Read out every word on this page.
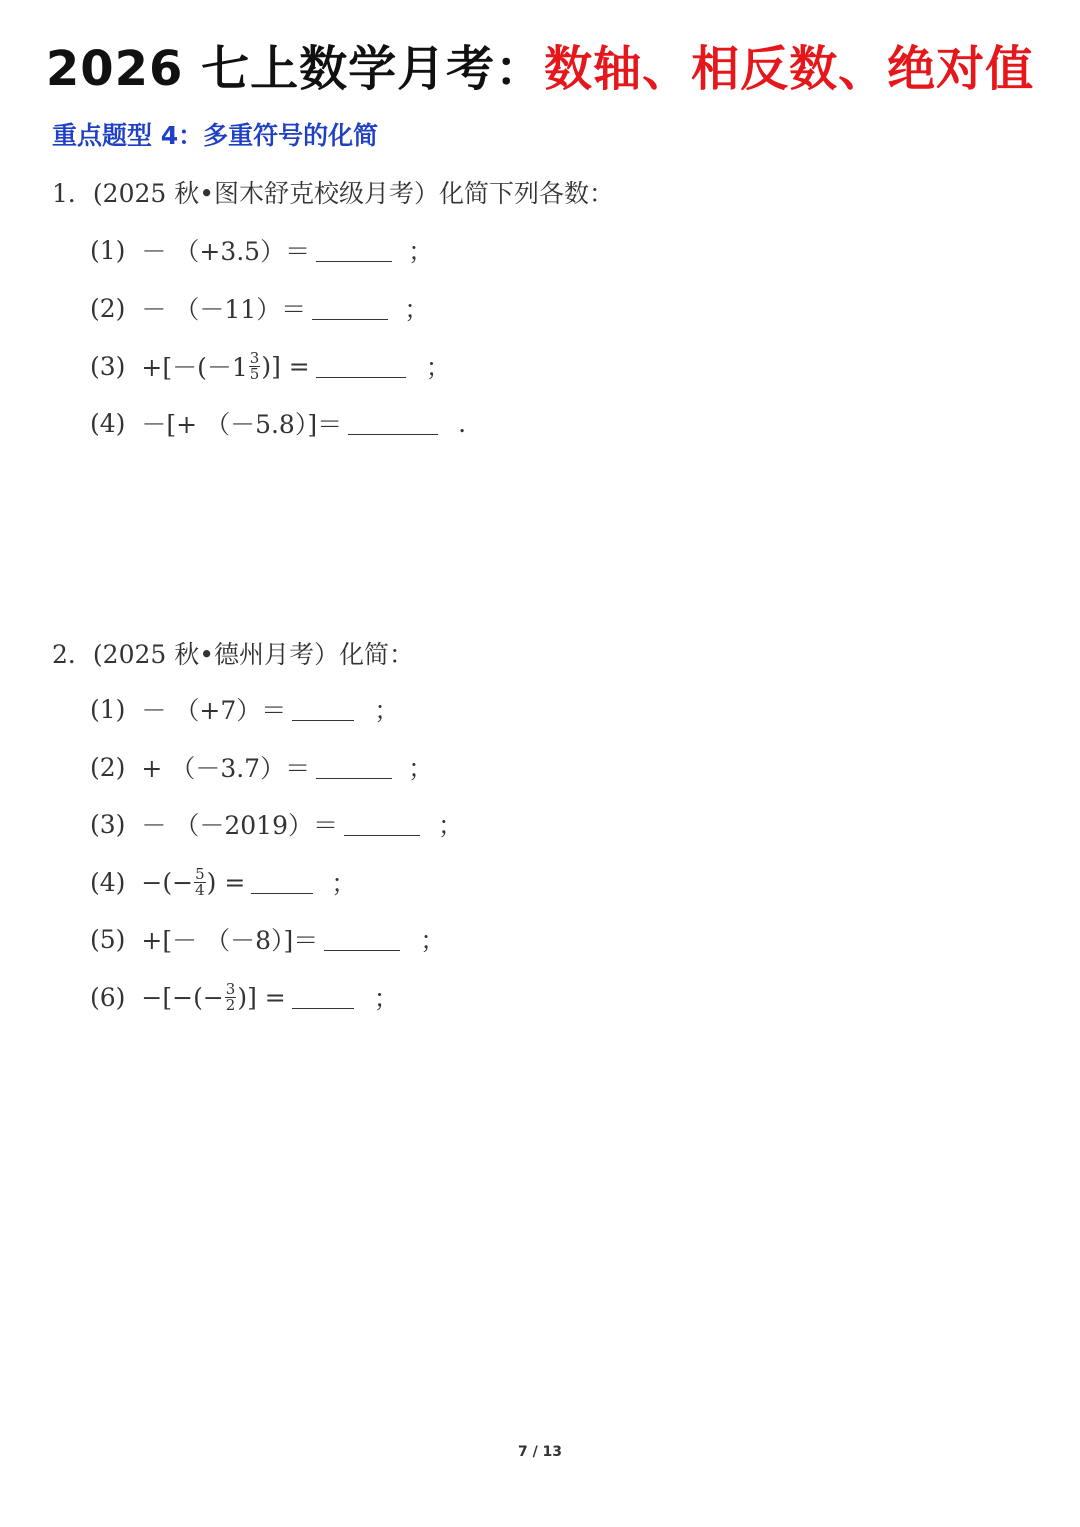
2026 七上数学月考：数轴、相反数、绝对值
重点题型 4：多重符号的化简
1．(2025 秋•图木舒克校级月考）化简下列各数：
(1) － （+3.5）＝	；
(2) － （－11）＝	；
$(3) +[-(-1 \frac{3}{5}$ )] =	；
(4) －[+ （－5.8）]＝	.
2．(2025 秋•德州月考）化简：
(1) － （+7）＝	；
(2) + （－3.7）＝	；
(3) － （－2019）＝	；
(4) −(− $\frac{5}{4}$ ) =	；
(5) +[－ （－8）]＝	；
(6) −[−(− $\frac{3}{2}$ )] =	；
7 / 13
